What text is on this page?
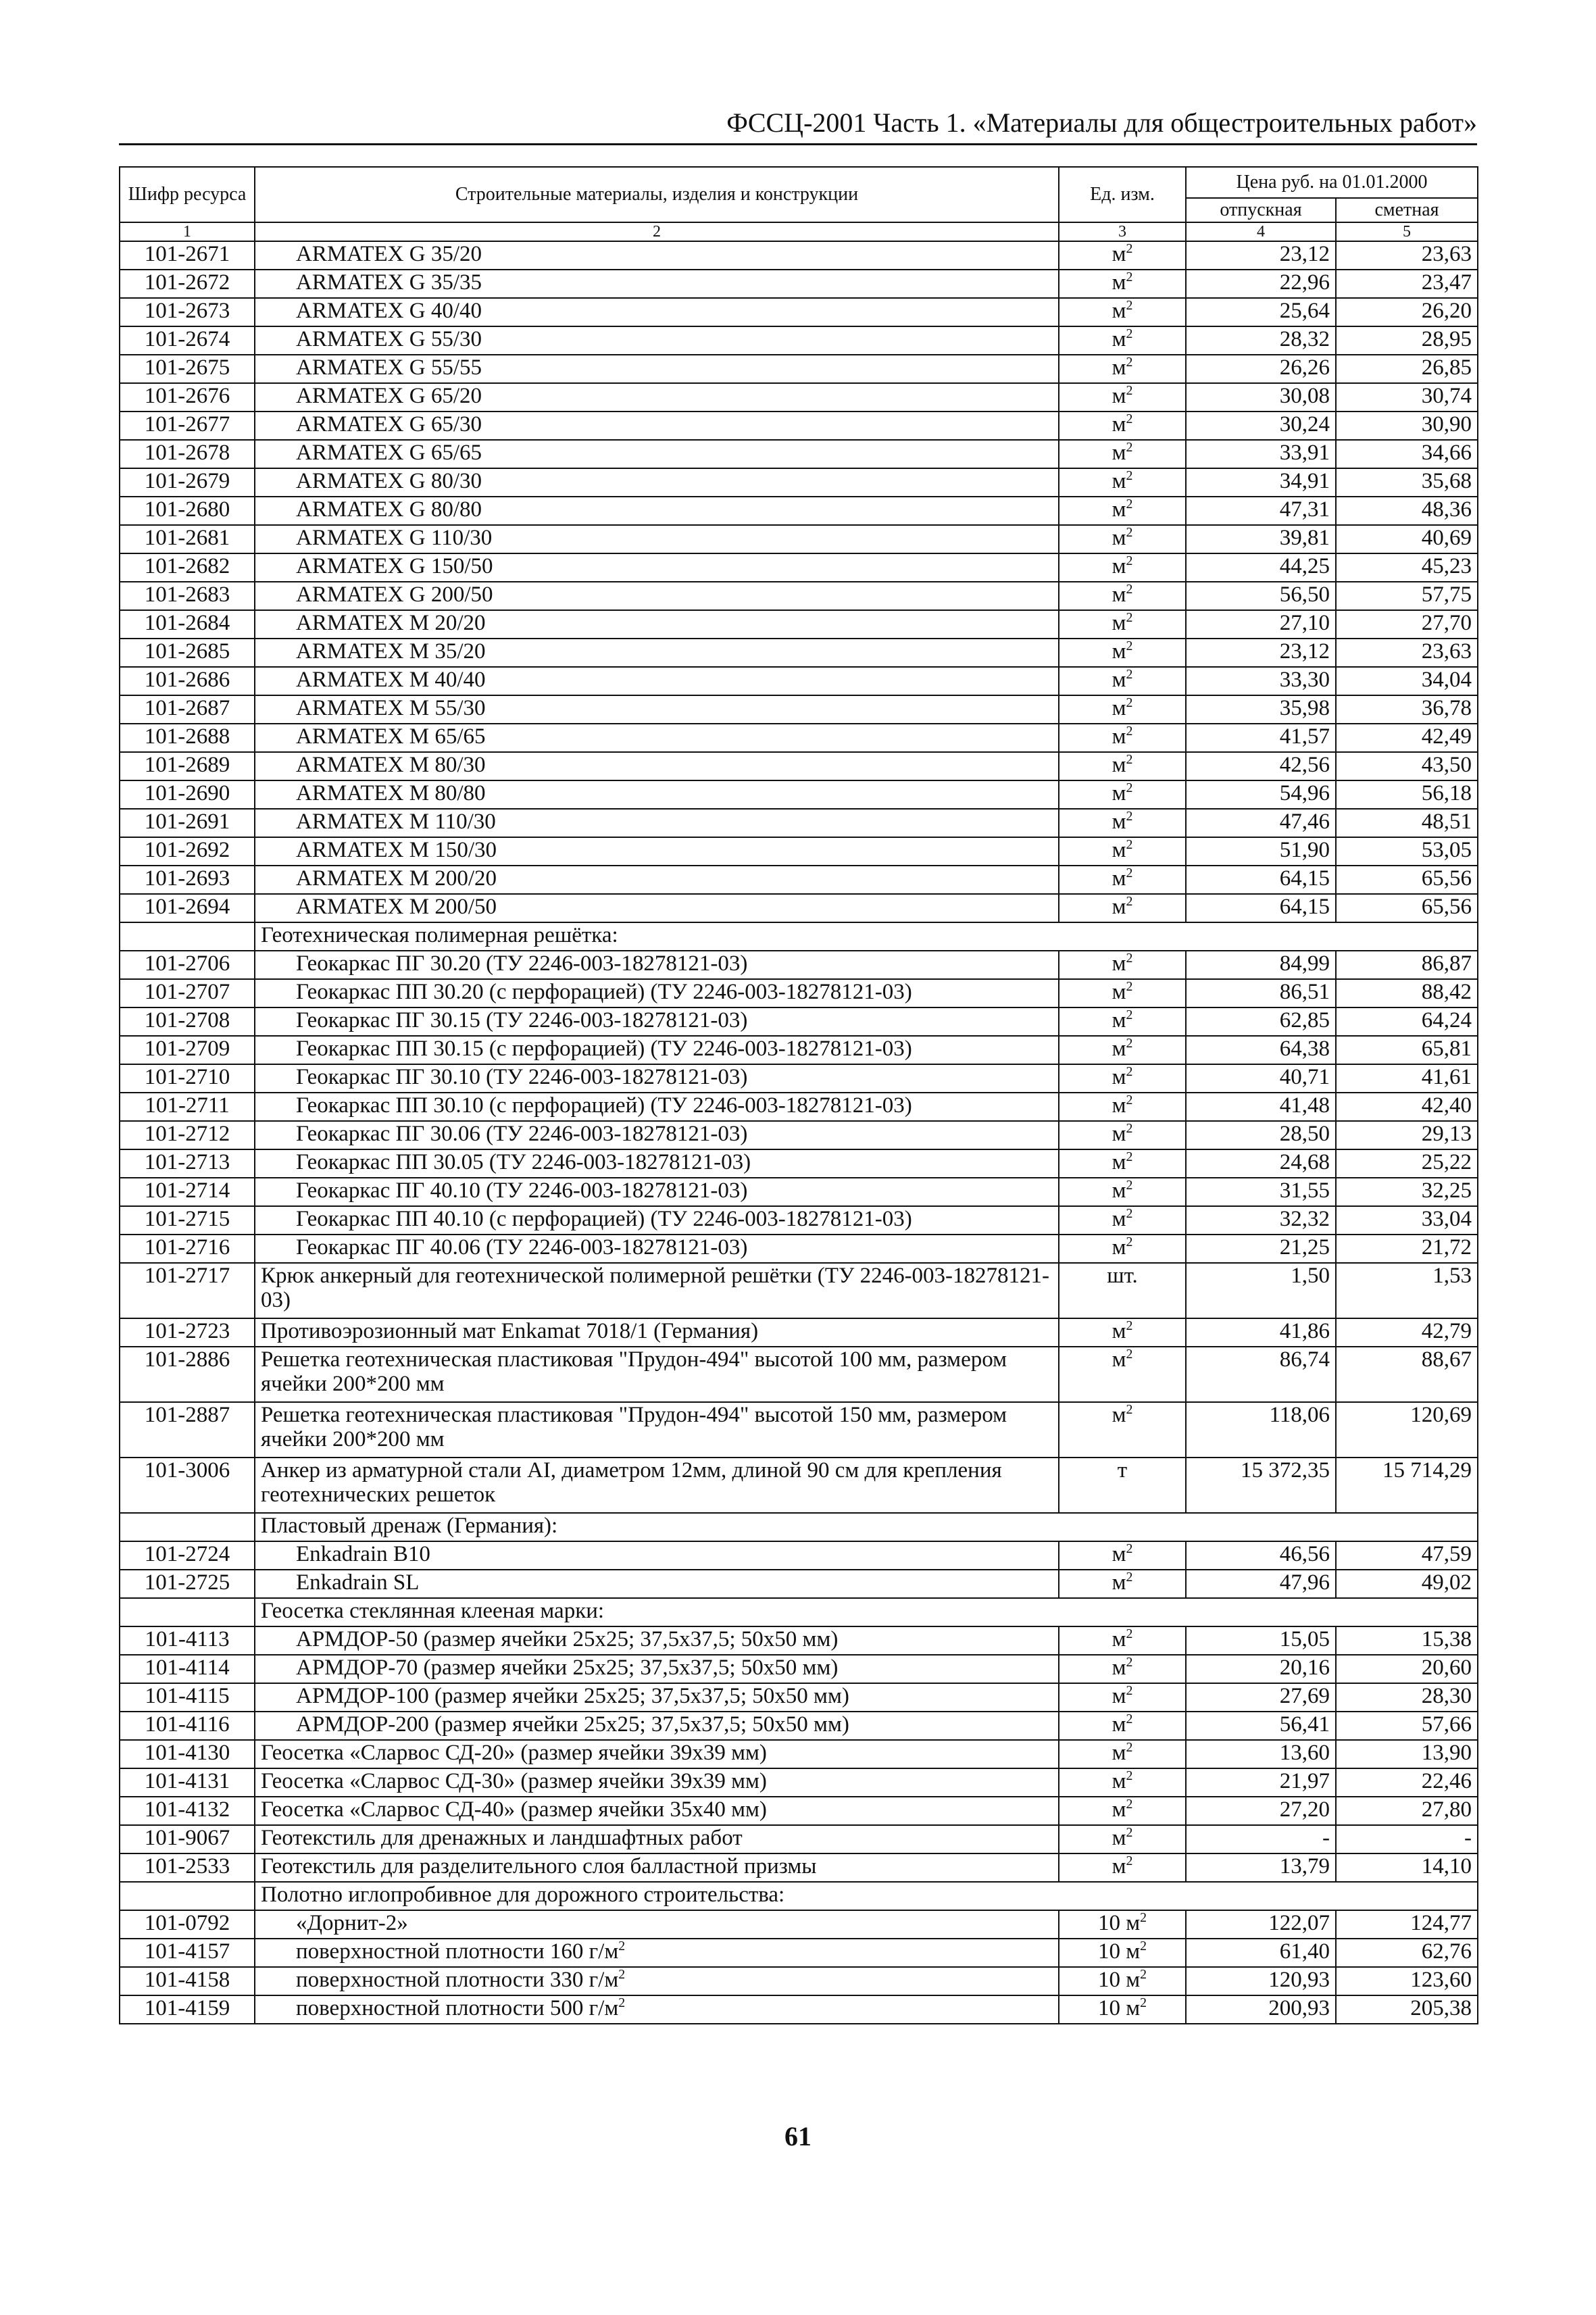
ФССЦ-2001 Часть 1. «Материалы для общестроительных работ»
Шифр ресурса	Строительные материалы, изделия и конструкции	Ед. изм.	Цена руб. на 01.01.2000	
			отпускная	сметная
1	2	3	4	5
101-2671	ARMATEX G 35/20	$м^2$	23,12	23,63
101-2672	ARMATEX G 35/35	$м^2$	22,96	23,47
101-2673	ARMATEX G 40/40	$м^2$	25,64	26,20
101-2674	ARMATEX G 55/30	$м^2$	28,32	28,95
101-2675	ARMATEX G 55/55	$м^2$	26,26	26,85
101-2676	ARMATEX G 65/20	$м^2$	30,08	30,74
101-2677	ARMATEX G 65/30	$м^2$	30,24	30,90
101-2678	ARMATEX G 65/65	$м^2$	33,91	34,66
101-2679	ARMATEX G 80/30	$м^2$	34,91	35,68
101-2680	ARMATEX G 80/80	$м^2$	47,31	48,36
101-2681	ARMATEX G 110/30	$м^2$	39,81	40,69
101-2682	ARMATEX G 150/50	$м^2$	44,25	45,23
101-2683	ARMATEX G 200/50	$м^2$	56,50	57,75
101-2684	ARMATEX M 20/20	$м^2$	27,10	27,70
101-2685	ARMATEX M 35/20	$м^2$	23,12	23,63
101-2686	ARMATEX M 40/40	$м^2$	33,30	34,04
101-2687	ARMATEX M 55/30	$м^2$	35,98	36,78
101-2688	ARMATEX M 65/65	$м^2$	41,57	42,49
101-2689	ARMATEX M 80/30	$м^2$	42,56	43,50
101-2690	ARMATEX M 80/80	$м^2$	54,96	56,18
101-2691	ARMATEX M 110/30	$м^2$	47,46	48,51
101-2692	ARMATEX M 150/30	$м^2$	51,90	53,05
101-2693	ARMATEX M 200/20	$м^2$	64,15	65,56
101-2694	ARMATEX M 200/50	$м^2$	64,15	65,56
	Геотехническая полимерная решётка:			
101-2706	Геокаркас ПГ 30.20 (ТУ 2246-003-18278121-03)	$м^2$	84,99	86,87
101-2707	Геокаркас ПП 30.20 (с перфорацией) (ТУ 2246-003-18278121-03)	$м^2$	86,51	88,42
101-2708	Геокаркас ПГ 30.15 (ТУ 2246-003-18278121-03)	$м^2$	62,85	64,24
101-2709	Геокаркас ПП 30.15 (с перфорацией) (ТУ 2246-003-18278121-03)	$м^2$	64,38	65,81
101-2710	Геокаркас ПГ 30.10 (ТУ 2246-003-18278121-03)	$м^2$	40,71	41,61
101-2711	Геокаркас ПП 30.10 (с перфорацией) (ТУ 2246-003-18278121-03)	$м^2$	41,48	42,40
101-2712	Геокаркас ПГ 30.06 (ТУ 2246-003-18278121-03)	$м^2$	28,50	29,13
101-2713	Геокаркас ПП 30.05 (ТУ 2246-003-18278121-03)	$м^2$	24,68	25,22
101-2714	Геокаркас ПГ 40.10 (ТУ 2246-003-18278121-03)	$м^2$	31,55	32,25
101-2715	Геокаркас ПП 40.10 (с перфорацией) (ТУ 2246-003-18278121-03)	$м^2$	32,32	33,04
101-2716	Геокаркас ПГ 40.06 (ТУ 2246-003-18278121-03)	$м^2$	21,25	21,72
101-2717	Крюк анкерный для геотехнической полимерной решётки (ТУ 2246-003-18278121-03)	шт.	1,50	1,53
101-2723	Противоэрозионный мат Enkamat 7018/1 (Германия)	$м^2$	41,86	42,79
101-2886	Решетка геотехническая пластиковая "Прудон-494" высотой 100 мм, размером ячейки 200*200 мм	$м^2$	86,74	88,67
101-2887	Решетка геотехническая пластиковая "Прудон-494" высотой 150 мм, размером ячейки 200*200 мм	$м^2$	118,06	120,69
101-3006	Анкер из арматурной стали AI, диаметром 12мм, длиной 90 см для крепления геотехнических решеток	т	15 372,35	15 714,29
	Пластовый дренаж (Германия):			
101-2724	Enkadrain B10	$м^2$	46,56	47,59
101-2725	Enkadrain SL	$м^2$	47,96	49,02
	Геосетка стеклянная клееная марки:			
101-4113	АРМДОР-50 (размер ячейки 25х25; 37,5х37,5; 50х50 мм)	$м^2$	15,05	15,38
101-4114	АРМДОР-70 (размер ячейки 25х25; 37,5х37,5; 50х50 мм)	$м^2$	20,16	20,60
101-4115	АРМДОР-100 (размер ячейки 25х25; 37,5х37,5; 50х50 мм)	$м^2$	27,69	28,30
101-4116	АРМДОР-200 (размер ячейки 25х25; 37,5х37,5; 50х50 мм)	$м^2$	56,41	57,66
101-4130	Геосетка «Сларвос СД-20» (размер ячейки 39х39 мм)	$м^2$	13,60	13,90
101-4131	Геосетка «Сларвос СД-30» (размер ячейки 39х39 мм)	$м^2$	21,97	22,46
101-4132	Геосетка «Сларвос СД-40» (размер ячейки 35х40 мм)	$м^2$	27,20	27,80
101-9067	Геотекстиль для дренажных и ландшафтных работ	$м^2$	-	-
101-2533	Геотекстиль для разделительного слоя балластной призмы	$м^2$	13,79	14,10
	Полотно иглопробивное для дорожного строительства:			
101-0792	«Дорнит-2»	10 $м^2$	122,07	124,77
101-4157	поверхностной плотности 160 $г/м^2$	10 $м^2$	61,40	62,76
101-4158	поверхностной плотности 330 $г/м^2$	10 $м^2$	120,93	123,60
101-4159	поверхностной плотности 500 $г/м^2$	10 $м^2$	200,93	205,38
61
